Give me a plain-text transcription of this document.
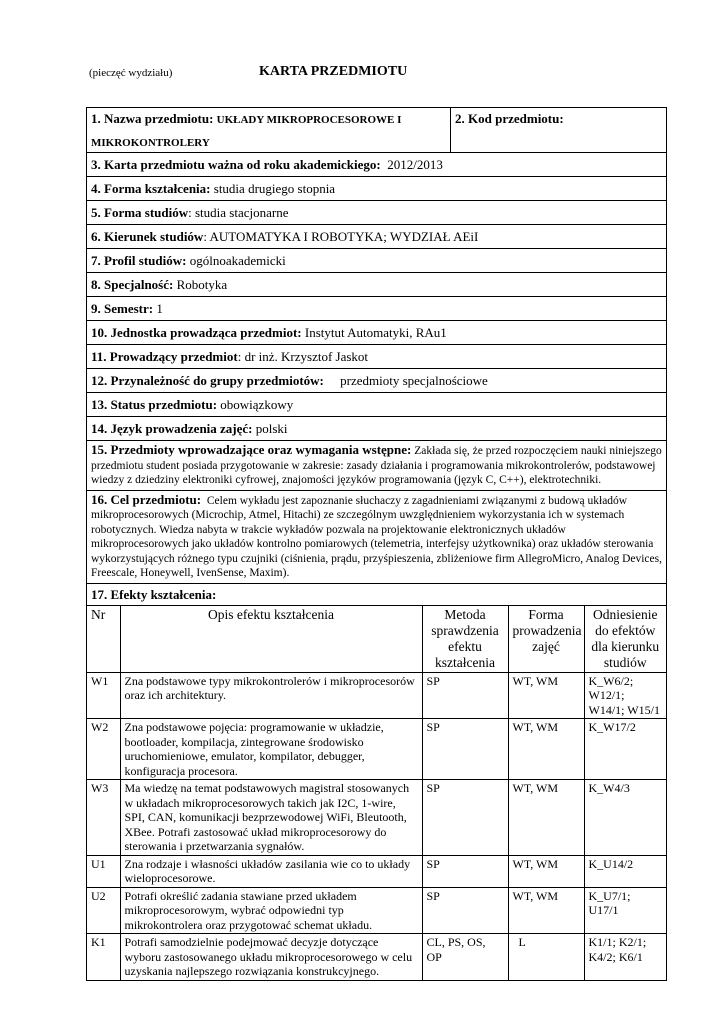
(pieczęć wydziału)	KARTA PRZEDMIOTU
1. Nazwa przedmiotu: UKŁADY MIKROPROCESOROWE I
MIKROKONTROLERY
2. Kod przedmiotu:
3. Karta przedmiotu ważna od roku akademickiego: 2012/2013
4. Forma kształcenia: studia drugiego stopnia
5. Forma studiów: studia stacjonarne
6. Kierunek studiów: AUTOMATYKA I ROBOTYKA; WYDZIAŁ AEiI
7. Profil studiów: ogólnoakademicki
8. Specjalność: Robotyka
9. Semestr: 1
10. Jednostka prowadząca przedmiot: Instytut Automatyki, RAu1
11. Prowadzący przedmiot: dr inż. Krzysztof Jaskot
12. Przynależność do grupy przedmiotów: przedmioty specjalnościowe
13. Status przedmiotu: obowiązkowy
14. Język prowadzenia zajęć: polski
15. Przedmioty wprowadzające oraz wymagania wstępne: Zakłada się, że przed rozpoczęciem nauki niniejszego przedmiotu student posiada przygotowanie w zakresie: zasady działania i programowania mikrokontrolerów, podstawowej wiedzy z dziedziny elektroniki cyfrowej, znajomości języków programowania (język C, C++), elektrotechniki.
16. Cel przedmiotu: Celem wykładu jest zapoznanie słuchaczy z zagadnieniami związanymi z budową układów mikroprocesorowych (Microchip, Atmel, Hitachi) ze szczególnym uwzględnieniem wykorzystania ich w systemach robotycznych. Wiedza nabyta w trakcie wykładów pozwala na projektowanie elektronicznych układów mikroprocesorowych jako układów kontrolno pomiarowych (telemetria, interfejsy użytkownika) oraz układów sterowania wykorzystujących różnego typu czujniki (ciśnienia, prądu, przyśpieszenia, zbliżeniowe firm AllegroMicro, Analog Devices, Freescale, Honeywell, IvenSense, Maxim).
17. Efekty kształcenia:
Nr	Opis efektu kształcenia	Metoda sprawdzenia efektu kształcenia	Forma prowadzenia zajęć	Odniesienie do efektów dla kierunku studiów
W1	Zna podstawowe typy mikrokontrolerów i mikroprocesorów oraz ich architektury.	SP	WT, WM	K_W6/2; W12/1; W14/1; W15/1
W2	Zna podstawowe pojęcia: programowanie w układzie, bootloader, kompilacja, zintegrowane środowisko uruchomieniowe, emulator, kompilator, debugger, konfiguracja procesora.	SP	WT, WM	K_W17/2
W3	Ma wiedzę na temat podstawowych magistral stosowanych w układach mikroprocesorowych takich jak I2C, 1-wire, SPI, CAN, komunikacji bezprzewodowej WiFi, Bleutooth, XBee. Potrafi zastosować układ mikroprocesorowy do sterowania i przetwarzania sygnałów.	SP	WT, WM	K_W4/3
U1	Zna rodzaje i własności układów zasilania wie co to układy wieloprocesorowe.	SP	WT, WM	K_U14/2
U2	Potrafi określić zadania stawiane przed układem mikroprocesorowym, wybrać odpowiedni typ mikrokontrolera oraz przygotować schemat układu.	SP	WT, WM	K_U7/1; U17/1
K1	Potrafi samodzielnie podejmować decyzje dotyczące wyboru zastosowanego układu mikroprocesorowego w celu uzyskania najlepszego rozwiązania konstrukcyjnego.	CL, PS, OS, OP	L	K1/1; K2/1; K4/2; K6/1
